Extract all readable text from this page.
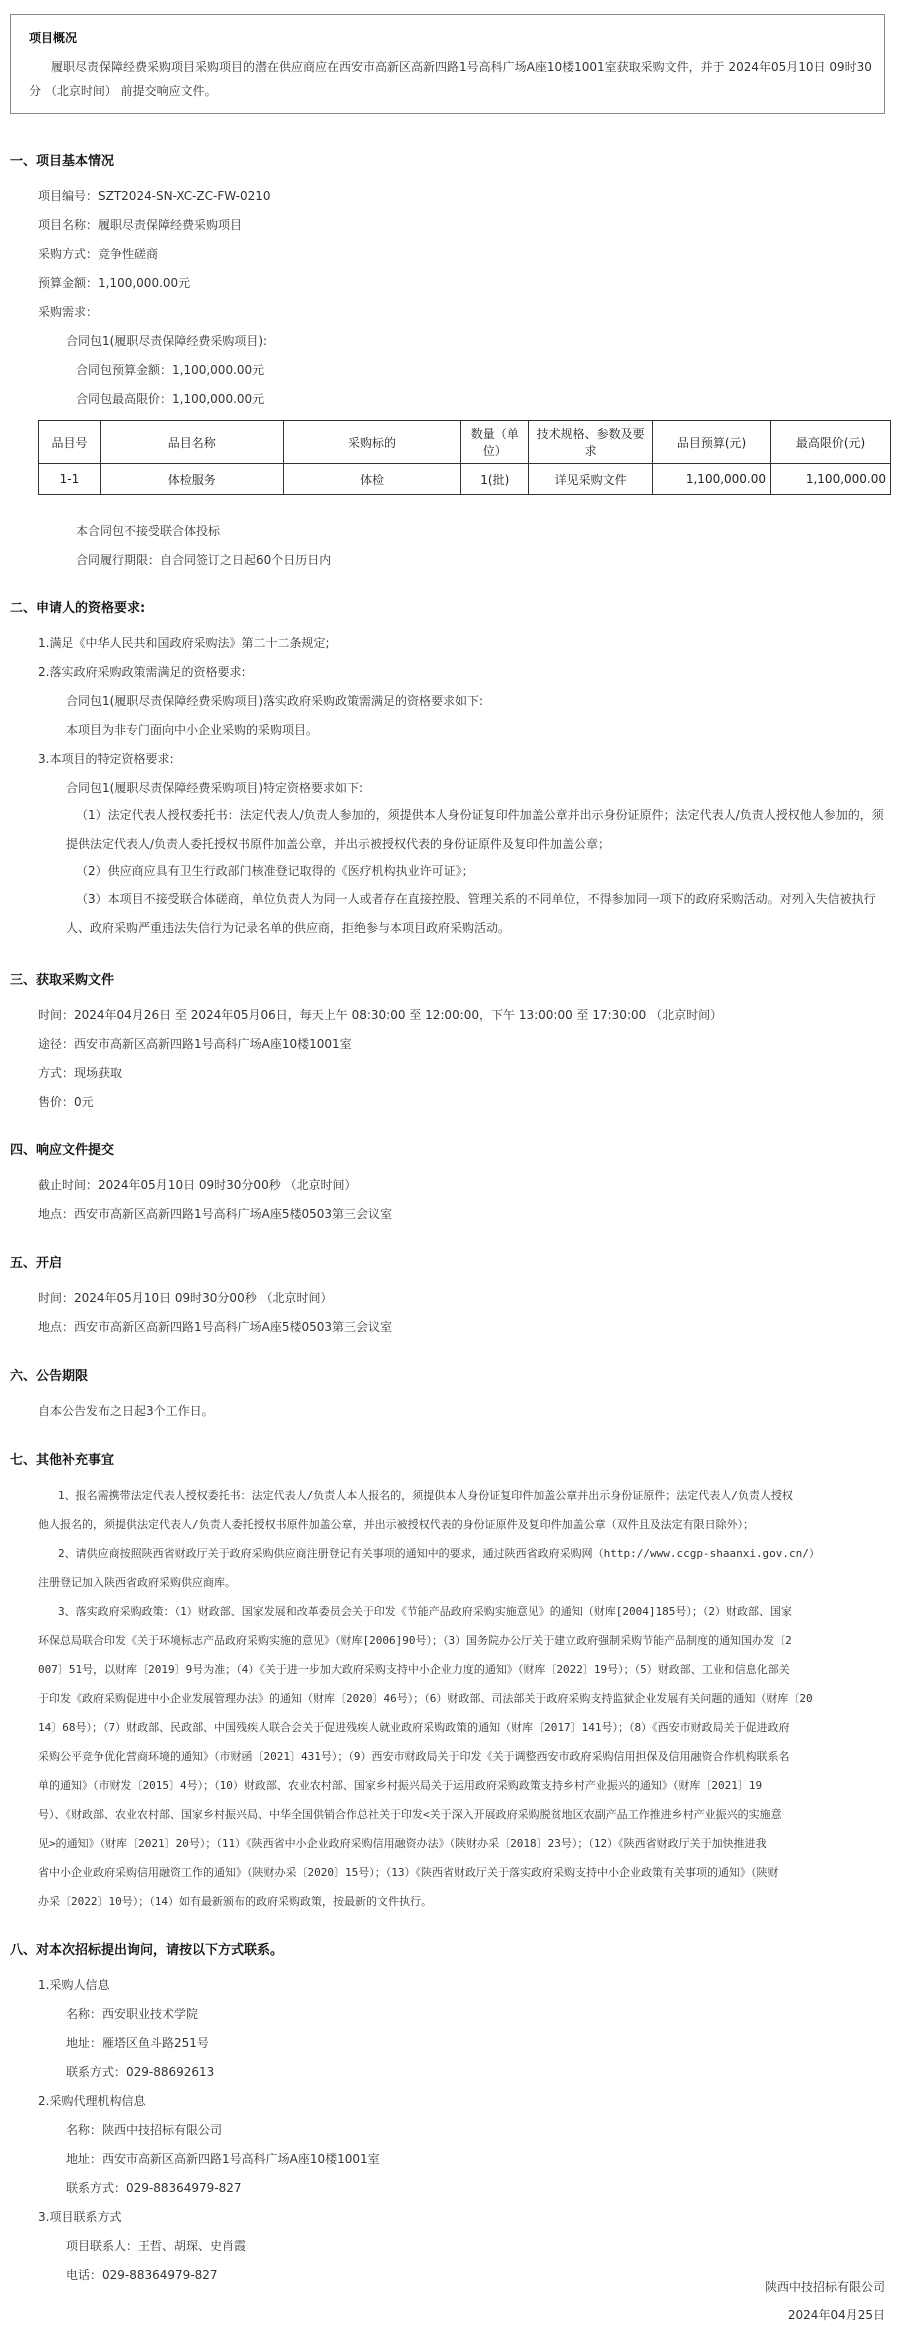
项目概况
履职尽责保障经费采购项目采购项目的潜在供应商应在西安市高新区高新四路1号高科广场A座10楼1001室获取采购文件，并于 2024年05月10日 09时30分 （北京时间） 前提交响应文件。
一、项目基本情况
项目编号：SZT2024-SN-XC-ZC-FW-0210
项目名称：履职尽责保障经费采购项目
采购方式：竞争性磋商
预算金额：1,100,000.00元
采购需求：
合同包1(履职尽责保障经费采购项目):
合同包预算金额：1,100,000.00元
合同包最高限价：1,100,000.00元
品目号	品目名称	采购标的	数量（单位）	技术规格、参数及要求	品目预算(元)	最高限价(元)
1-1	体检服务	体检	1(批)	详见采购文件	1,100,000.00	1,100,000.00
本合同包不接受联合体投标
合同履行期限：自合同签订之日起60个日历日内
二、申请人的资格要求:
1.满足《中华人民共和国政府采购法》第二十二条规定;
2.落实政府采购政策需满足的资格要求:
合同包1(履职尽责保障经费采购项目)落实政府采购政策需满足的资格要求如下:
本项目为非专门面向中小企业采购的采购项目。
3.本项目的特定资格要求:
合同包1(履职尽责保障经费采购项目)特定资格要求如下:
（1）法定代表人授权委托书：法定代表人/负责人参加的，须提供本人身份证复印件加盖公章并出示身份证原件；法定代表人/负责人授权他人参加的，须提供法定代表人/负责人委托授权书原件加盖公章，并出示被授权代表的身份证原件及复印件加盖公章；
（2）供应商应具有卫生行政部门核准登记取得的《医疗机构执业许可证》；
（3）本项目不接受联合体磋商，单位负责人为同一人或者存在直接控股、管理关系的不同单位，不得参加同一项下的政府采购活动。对列入失信被执行人、政府采购严重违法失信行为记录名单的供应商，拒绝参与本项目政府采购活动。
三、获取采购文件
时间：2024年04月26日 至 2024年05月06日，每天上午 08:30:00 至 12:00:00，下午 13:00:00 至 17:30:00 （北京时间）
途径：西安市高新区高新四路1号高科广场A座10楼1001室
方式：现场获取
售价：0元
四、响应文件提交
截止时间：2024年05月10日 09时30分00秒 （北京时间）
地点：西安市高新区高新四路1号高科广场A座5楼0503第三会议室
五、开启
时间：2024年05月10日 09时30分00秒 （北京时间）
地点：西安市高新区高新四路1号高科广场A座5楼0503第三会议室
六、公告期限
自本公告发布之日起3个工作日。
七、其他补充事宜
1、报名需携带法定代表人授权委托书：法定代表人/负责人本人报名的，须提供本人身份证复印件加盖公章并出示身份证原件；法定代表人/负责人授权
他人报名的，须提供法定代表人/负责人委托授权书原件加盖公章，并出示被授权代表的身份证原件及复印件加盖公章（双件且及法定有限日除外）；
2、请供应商按照陕西省财政厅关于政府采购供应商注册登记有关事项的通知中的要求，通过陕西省政府采购网（http://www.ccgp-shaanxi.gov.cn/）
注册登记加入陕西省政府采购供应商库。
3、落实政府采购政策：（1）财政部、国家发展和改革委员会关于印发《节能产品政府采购实施意见》的通知（财库[2004]185号）；（2）财政部、国家
环保总局联合印发《关于环境标志产品政府采购实施的意见》（财库[2006]90号）；（3）国务院办公厅关于建立政府强制采购节能产品制度的通知国办发〔2
007〕51号，以财库〔2019〕9号为准；（4）《关于进一步加大政府采购支持中小企业力度的通知》（财库〔2022〕19号）；（5）财政部、工业和信息化部关
于印发《政府采购促进中小企业发展管理办法》的通知（财库〔2020〕46号）；（6）财政部、司法部关于政府采购支持监狱企业发展有关问题的通知（财库〔20
14〕68号）；（7）财政部、民政部、中国残疾人联合会关于促进残疾人就业政府采购政策的通知（财库〔2017〕141号）；（8）《西安市财政局关于促进政府
采购公平竞争优化营商环境的通知》（市财函〔2021〕431号）；（9）西安市财政局关于印发《关于调整西安市政府采购信用担保及信用融资合作机构联系名
单的通知》（市财发〔2015〕4号）；（10）财政部、农业农村部、国家乡村振兴局关于运用政府采购政策支持乡村产业振兴的通知》（财库〔2021〕19
号）、《财政部、农业农村部、国家乡村振兴局、中华全国供销合作总社关于印发<关于深入开展政府采购脱贫地区农副产品工作推进乡村产业振兴的实施意
见>的通知》（财库〔2021〕20号）；（11）《陕西省中小企业政府采购信用融资办法》（陕财办采〔2018〕23号）；（12）《陕西省财政厅关于加快推进我
省中小企业政府采购信用融资工作的通知》（陕财办采〔2020〕15号）；（13）《陕西省财政厅关于落实政府采购支持中小企业政策有关事项的通知》（陕财
办采〔2022〕10号）；（14）如有最新颁布的政府采购政策，按最新的文件执行。
八、对本次招标提出询问，请按以下方式联系。
1.采购人信息
名称：西安职业技术学院
地址：雁塔区鱼斗路251号
联系方式：029-88692613
2.采购代理机构信息
名称：陕西中技招标有限公司
地址：西安市高新区高新四路1号高科广场A座10楼1001室
联系方式：029-88364979-827
3.项目联系方式
项目联系人：王哲、胡琛、史肖霞
电话：029-88364979-827
陕西中技招标有限公司
2024年04月25日
